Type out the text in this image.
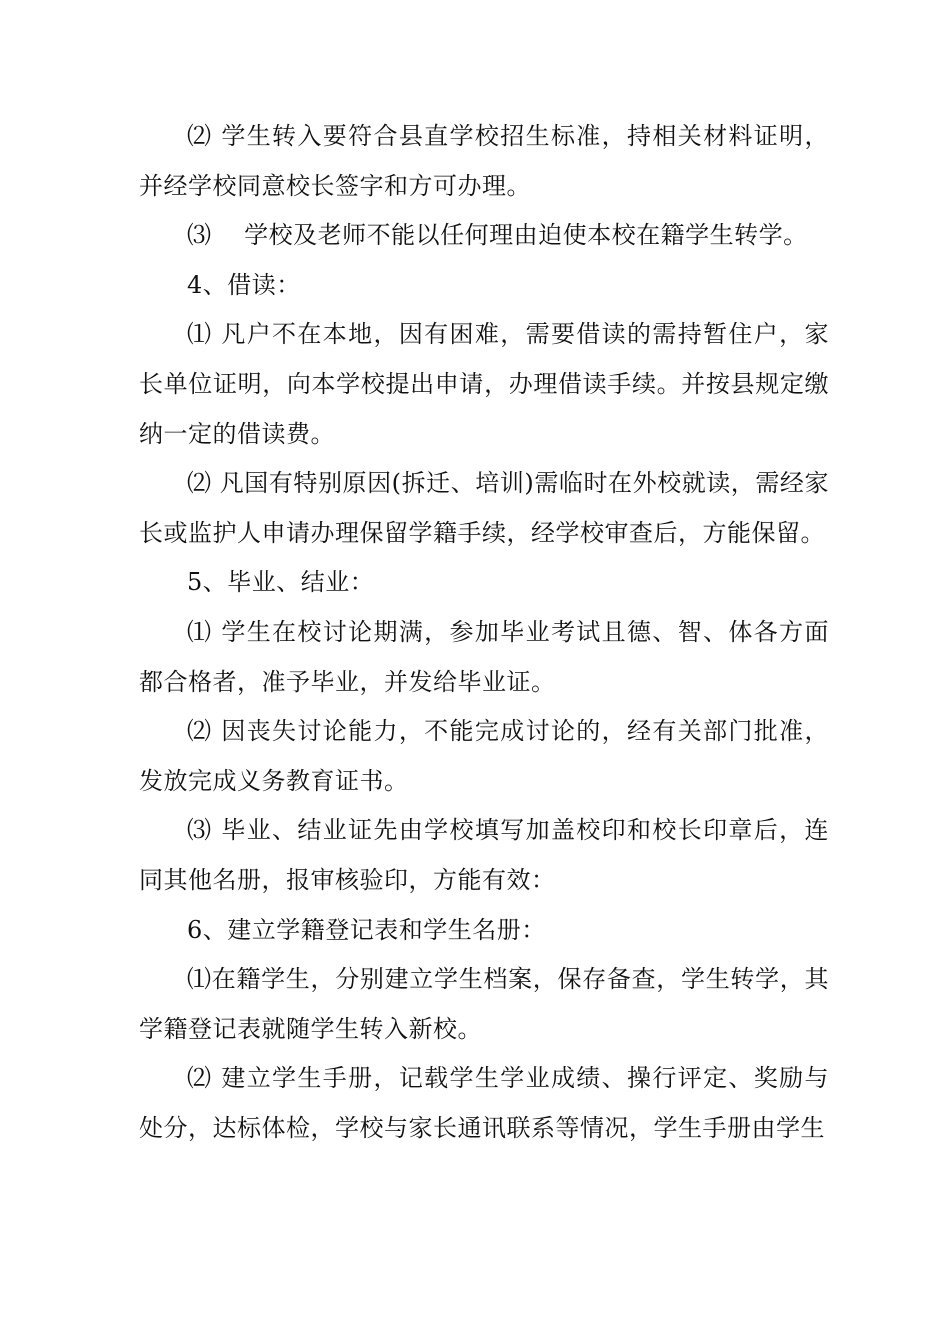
⑵ 学生转入要符合县直学校招生标准，持相关材料证明，并经学校同意校长签字和方可办理。

⑶　 学校及老师不能以任何理由迫使本校在籍学生转学。

4、借读：

⑴ 凡户不在本地，因有困难，需要借读的需持暂住户，家长单位证明，向本学校提出申请，办理借读手续。并按县规定缴纳一定的借读费。

⑵ 凡国有特别原因(拆迁、培训)需临时在外校就读，需经家长或监护人申请办理保留学籍手续，经学校审查后，方能保留。

5、毕业、结业：

⑴ 学生在校讨论期满，参加毕业考试且德、智、体各方面都合格者，准予毕业，并发给毕业证。

⑵ 因丧失讨论能力，不能完成讨论的，经有关部门批准，发放完成义务教育证书。

⑶ 毕业、结业证先由学校填写加盖校印和校长印章后，连同其他名册，报审核验印，方能有效：

6、建立学籍登记表和学生名册：

⑴在籍学生，分别建立学生档案，保存备查，学生转学，其学籍登记表就随学生转入新校。

⑵ 建立学生手册，记载学生学业成绩、操行评定、奖励与处分，达标体检，学校与家长通讯联系等情况，学生手册由学生
